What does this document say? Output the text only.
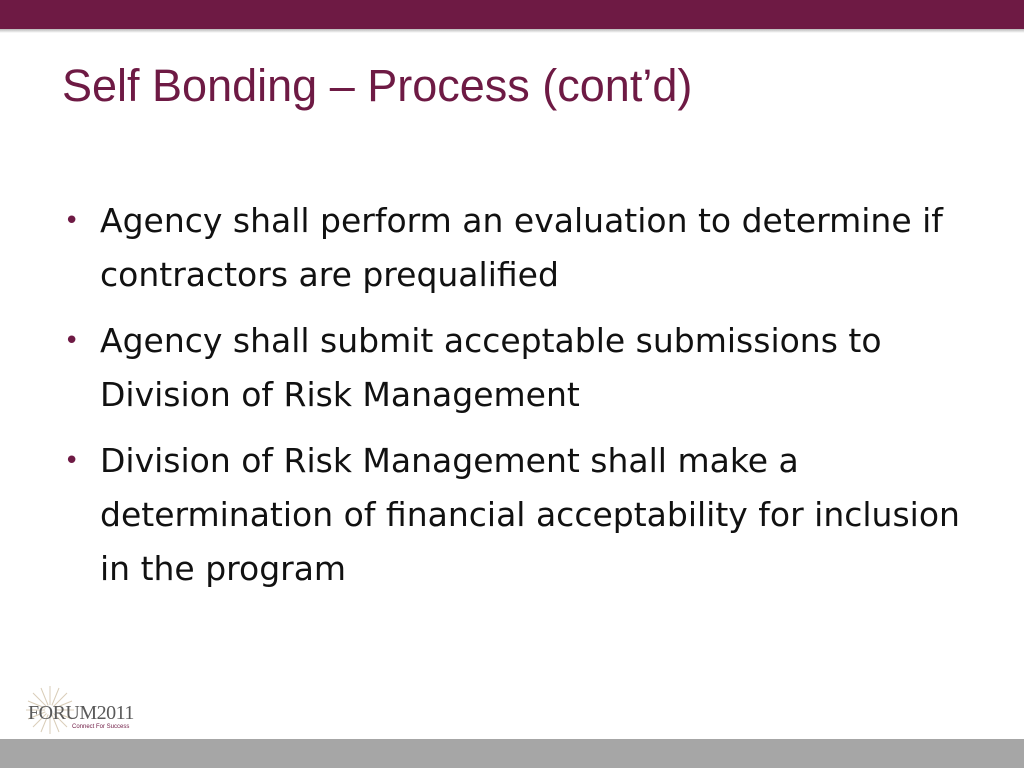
Self Bonding – Process (cont’d)
• Agency shall perform an evaluation to determine if contractors are prequalified
• Agency shall submit acceptable submissions to Division of Risk Management
• Division of Risk Management shall make a determination of financial acceptability for inclusion in the program
FORUM2011
Connect For Success
